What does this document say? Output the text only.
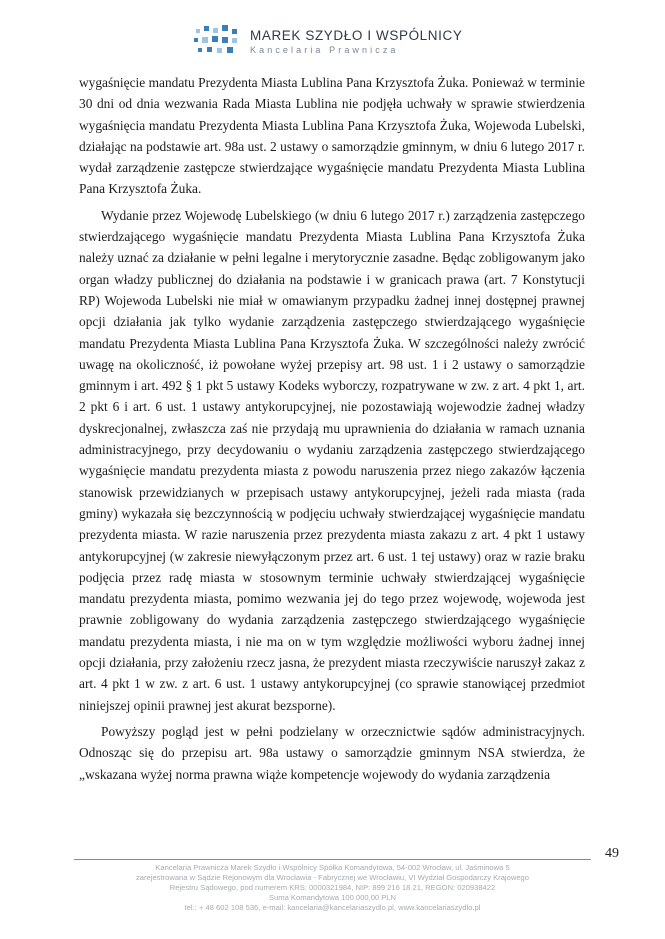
MAREK SZYDŁO I WSPÓLNICY
Kancelaria Prawnicza

wygaśnięcie mandatu Prezydenta Miasta Lublina Pana Krzysztofa Żuka. Ponieważ w terminie 30 dni od dnia wezwania Rada Miasta Lublina nie podjęła uchwały w sprawie stwierdzenia wygaśnięcia mandatu Prezydenta Miasta Lublina Pana Krzysztofa Żuka, Wojewoda Lubelski, działając na podstawie art. 98a ust. 2 ustawy o samorządzie gminnym, w dniu 6 lutego 2017 r. wydał zarządzenie zastępcze stwierdzające wygaśnięcie mandatu Prezydenta Miasta Lublina Pana Krzysztofa Żuka.

Wydanie przez Wojewodę Lubelskiego (w dniu 6 lutego 2017 r.) zarządzenia zastępczego stwierdzającego wygaśnięcie mandatu Prezydenta Miasta Lublina Pana Krzysztofa Żuka należy uznać za działanie w pełni legalne i merytorycznie zasadne. Będąc zobligowanym jako organ władzy publicznej do działania na podstawie i w granicach prawa (art. 7 Konstytucji RP) Wojewoda Lubelski nie miał w omawianym przypadku żadnej innej dostępnej prawnej opcji działania jak tylko wydanie zarządzenia zastępczego stwierdzającego wygaśnięcie mandatu Prezydenta Miasta Lublina Pana Krzysztofa Żuka. W szczególności należy zwrócić uwagę na okoliczność, iż powołane wyżej przepisy art. 98 ust. 1 i 2 ustawy o samorządzie gminnym i art. 492 § 1 pkt 5 ustawy Kodeks wyborczy, rozpatrywane w zw. z art. 4 pkt 1, art. 2 pkt 6 i art. 6 ust. 1 ustawy antykorupcyjnej, nie pozostawiają wojewodzie żadnej władzy dyskrecjonalnej, zwłaszcza zaś nie przydają mu uprawnienia do działania w ramach uznania administracyjnego, przy decydowaniu o wydaniu zarządzenia zastępczego stwierdzającego wygaśnięcie mandatu prezydenta miasta z powodu naruszenia przez niego zakazów łączenia stanowisk przewidzianych w przepisach ustawy antykorupcyjnej, jeżeli rada miasta (rada gminy) wykazała się bezczynnością w podjęciu uchwały stwierdzającej wygaśnięcie mandatu prezydenta miasta. W razie naruszenia przez prezydenta miasta zakazu z art. 4 pkt 1 ustawy antykorupcyjnej (w zakresie niewyłączonym przez art. 6 ust. 1 tej ustawy) oraz w razie braku podjęcia przez radę miasta w stosownym terminie uchwały stwierdzającej wygaśnięcie mandatu prezydenta miasta, pomimo wezwania jej do tego przez wojewodę, wojewoda jest prawnie zobligowany do wydania zarządzenia zastępczego stwierdzającego wygaśnięcie mandatu prezydenta miasta, i nie ma on w tym względzie możliwości wyboru żadnej innej opcji działania, przy założeniu rzecz jasna, że prezydent miasta rzeczywiście naruszył zakaz z art. 4 pkt 1 w zw. z art. 6 ust. 1 ustawy antykorupcyjnej (co sprawie stanowiącej przedmiot niniejszej opinii prawnej jest akurat bezsporne).

Powyższy pogląd jest w pełni podzielany w orzecznictwie sądów administracyjnych. Odnosząc się do przepisu art. 98a ustawy o samorządzie gminnym NSA stwierdza, że „wskazana wyżej norma prawna wiąże kompetencje wojewody do wydania zarządzenia

49
Kancelaria Prawnicza Marek Szydło i Wspólnicy Spółka Komandytowa, 54-002 Wrocław, ul. Jaśminowa 5
zarejestrowana w Sądzie Rejonowym dla Wrocławia - Fabrycznej we Wrocławiu, VI Wydział Gospodarczy Krajowego
Rejestru Sądowego, pod numerem KRS: 0000321984, NIP: 899 216 18 21, REGON: 020938422
Suma Komandytowa 100 000,00 PLN
tel.: + 48 602 108 536, e-mail: kancelaria@kancelariaszydlo.pl, www.kancelariaszydlo.pl
